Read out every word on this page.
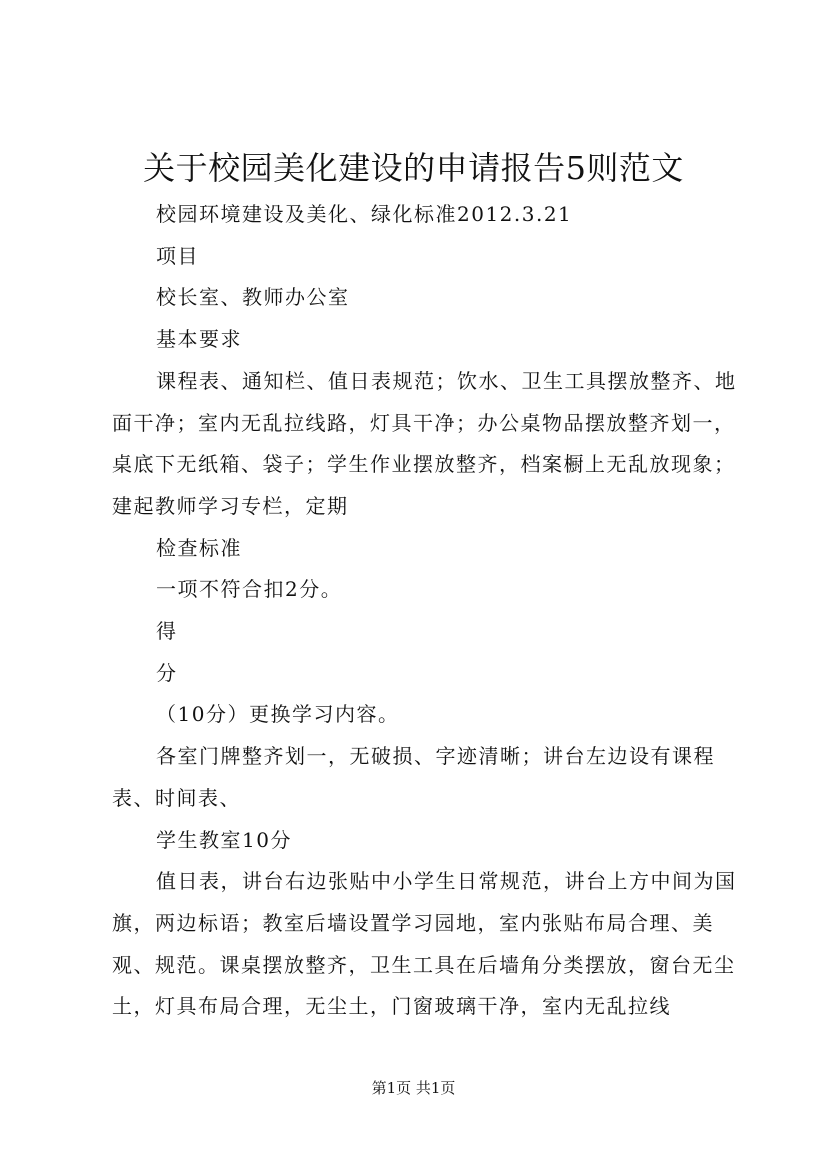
关于校园美化建设的申请报告5则范文

校园环境建设及美化、绿化标准2012.3.21

项目

校长室、教师办公室

基本要求

课程表、通知栏、值日表规范；饮水、卫生工具摆放整齐、地面干净；室内无乱拉线路，灯具干净；办公桌物品摆放整齐划一，桌底下无纸箱、袋子；学生作业摆放整齐，档案橱上无乱放现象；建起教师学习专栏，定期

检查标准

一项不符合扣2分。

得

分

（10分）更换学习内容。

各室门牌整齐划一，无破损、字迹清晰；讲台左边设有课程表、时间表、

学生教室10分

值日表，讲台右边张贴中小学生日常规范，讲台上方中间为国旗，两边标语；教室后墙设置学习园地，室内张贴布局合理、美观、规范。课桌摆放整齐，卫生工具在后墙角分类摆放，窗台无尘土，灯具布局合理，无尘土，门窗玻璃干净，室内无乱拉线

第1页 共1页
